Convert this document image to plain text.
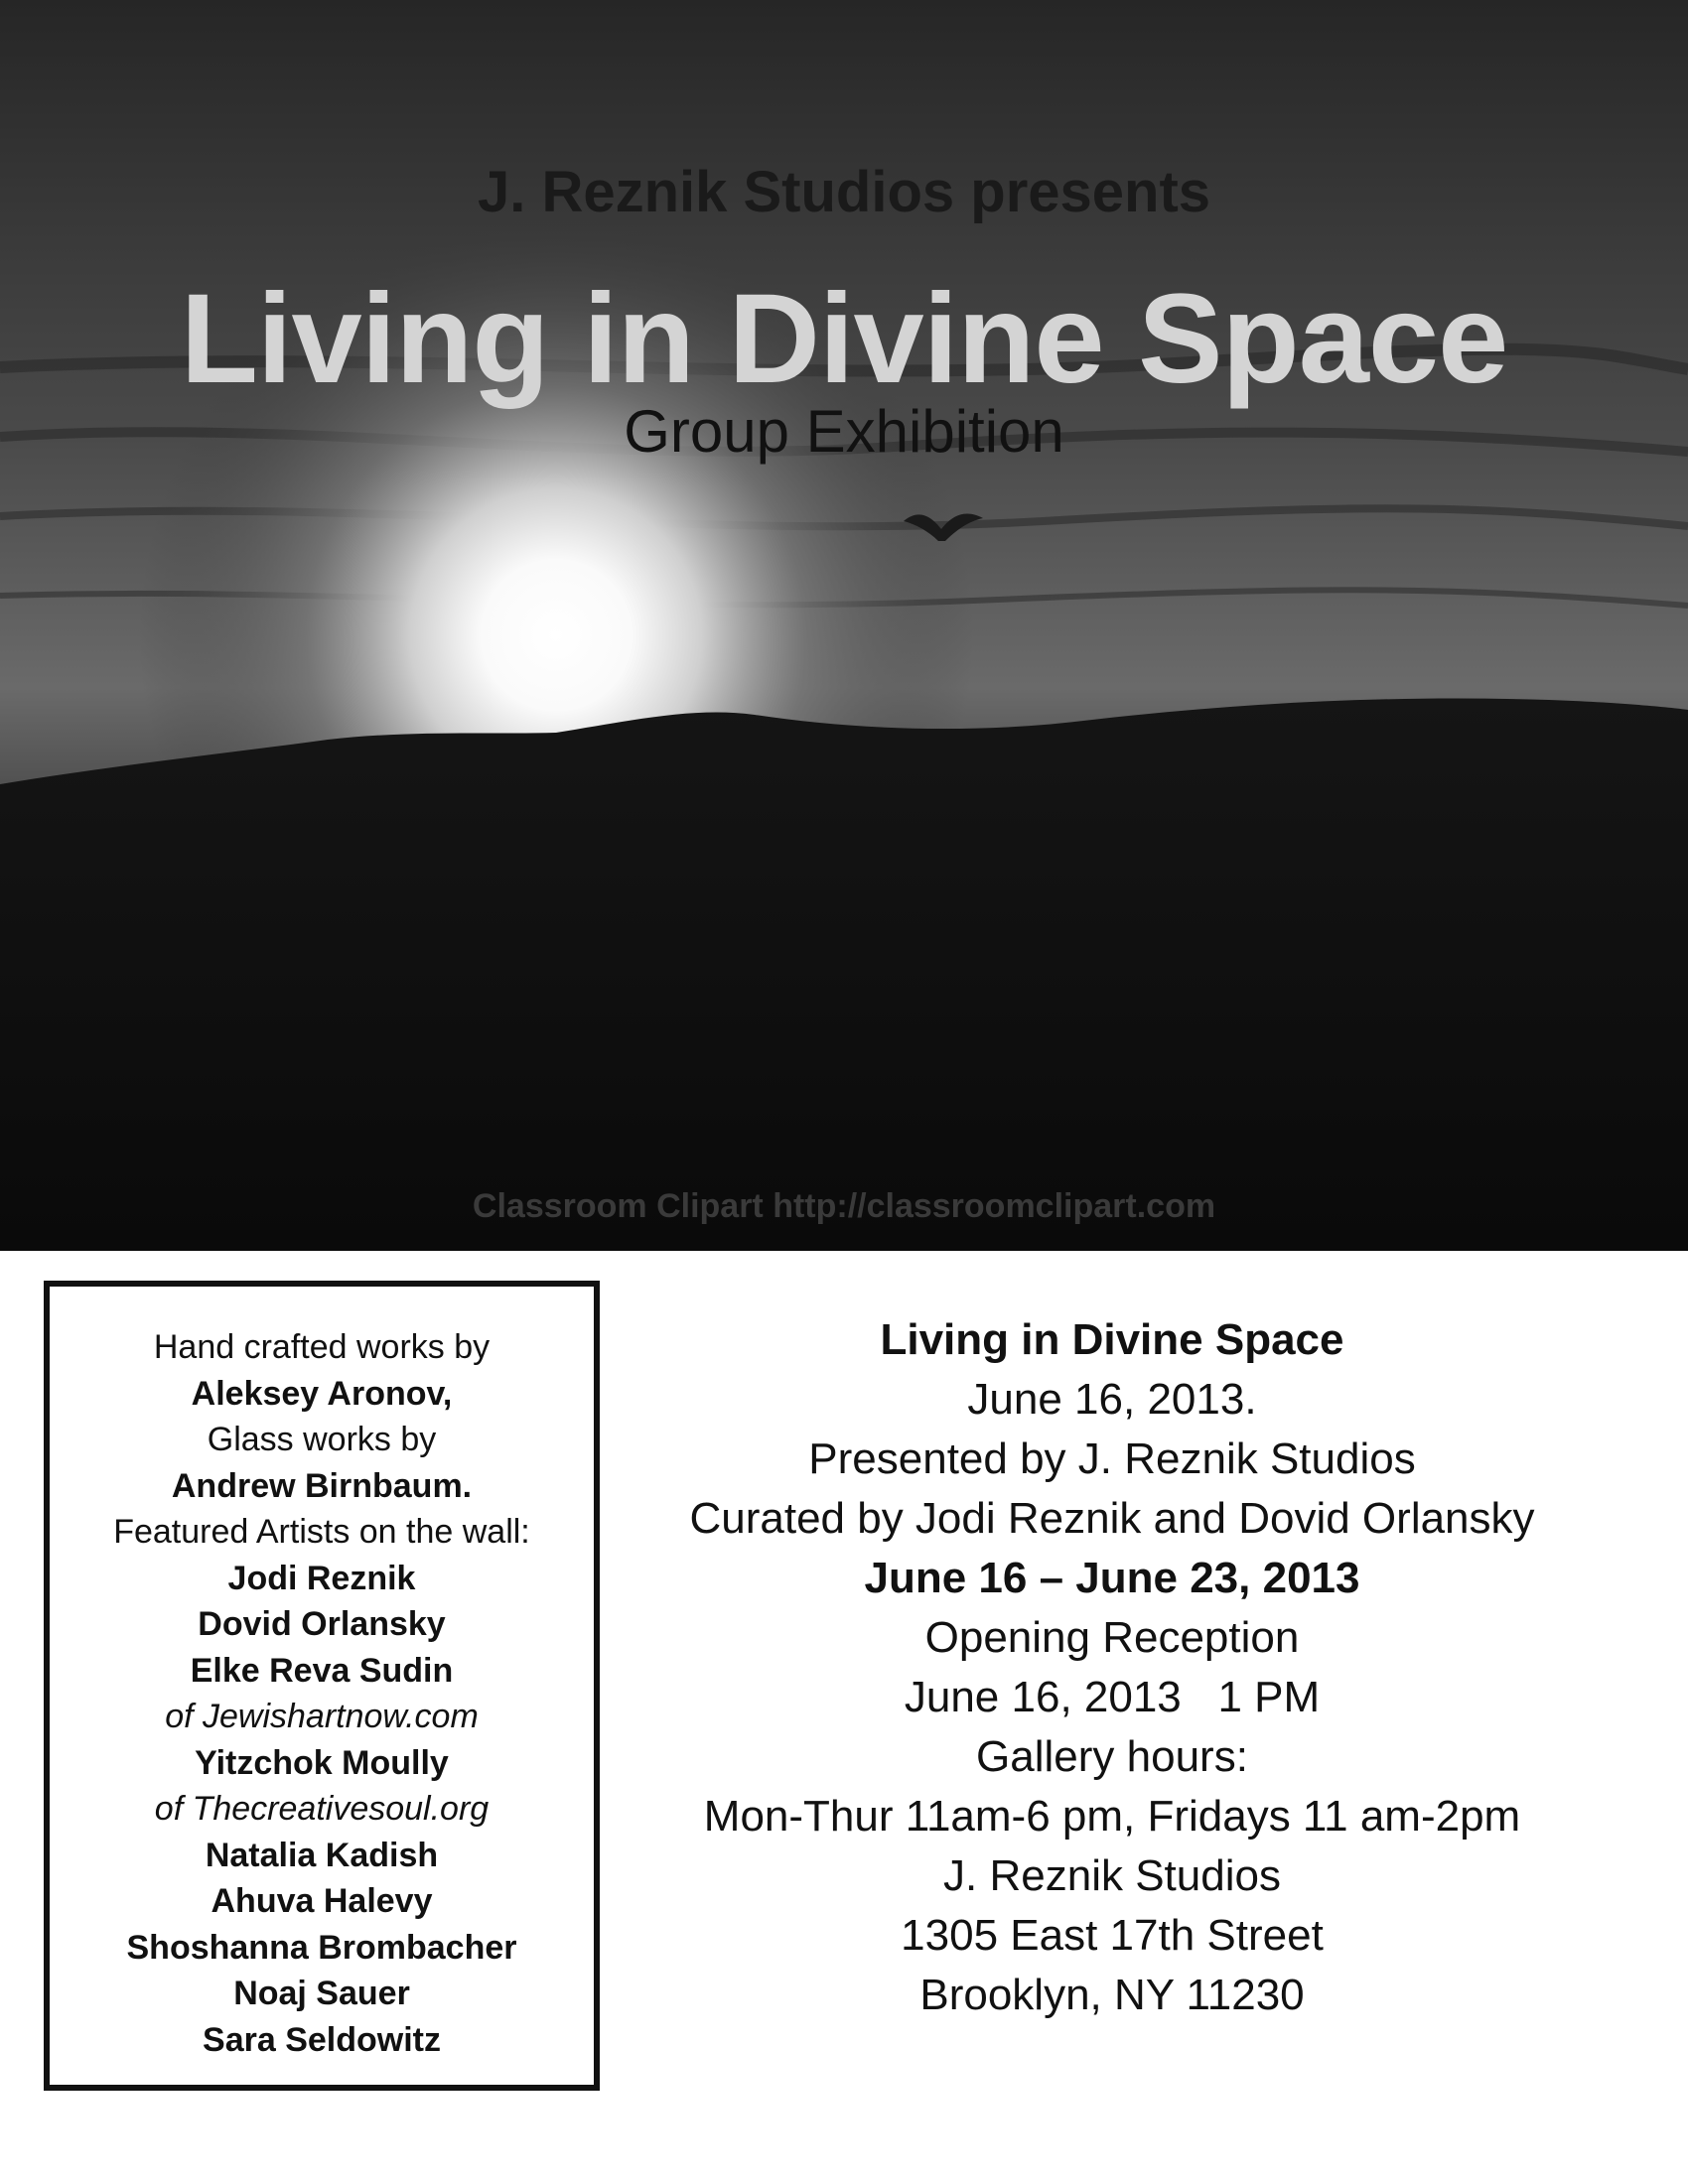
J. Reznik Studios presents
Living in Divine Space
Group Exhibition
Classroom Clipart http://classroomclipart.com
Hand crafted works by
Aleksey Aronov,
Glass works by
Andrew Birnbaum.
Featured Artists on the wall:
Jodi Reznik
Dovid Orlansky
Elke Reva Sudin
of Jewishartnow.com
Yitzchok Moully
of Thecreativesoul.org
Natalia Kadish
Ahuva Halevy
Shoshanna Brombacher
Noaj Sauer
Sara Seldowitz
Living in Divine Space
June 16, 2013.
Presented by J. Reznik Studios
Curated by Jodi Reznik and Dovid Orlansky
June 16 – June 23, 2013
Opening Reception
June 16, 2013   1 PM
Gallery hours:
Mon-Thur 11am-6 pm, Fridays 11 am-2pm
J. Reznik Studios
1305 East 17th Street
Brooklyn, NY 11230
